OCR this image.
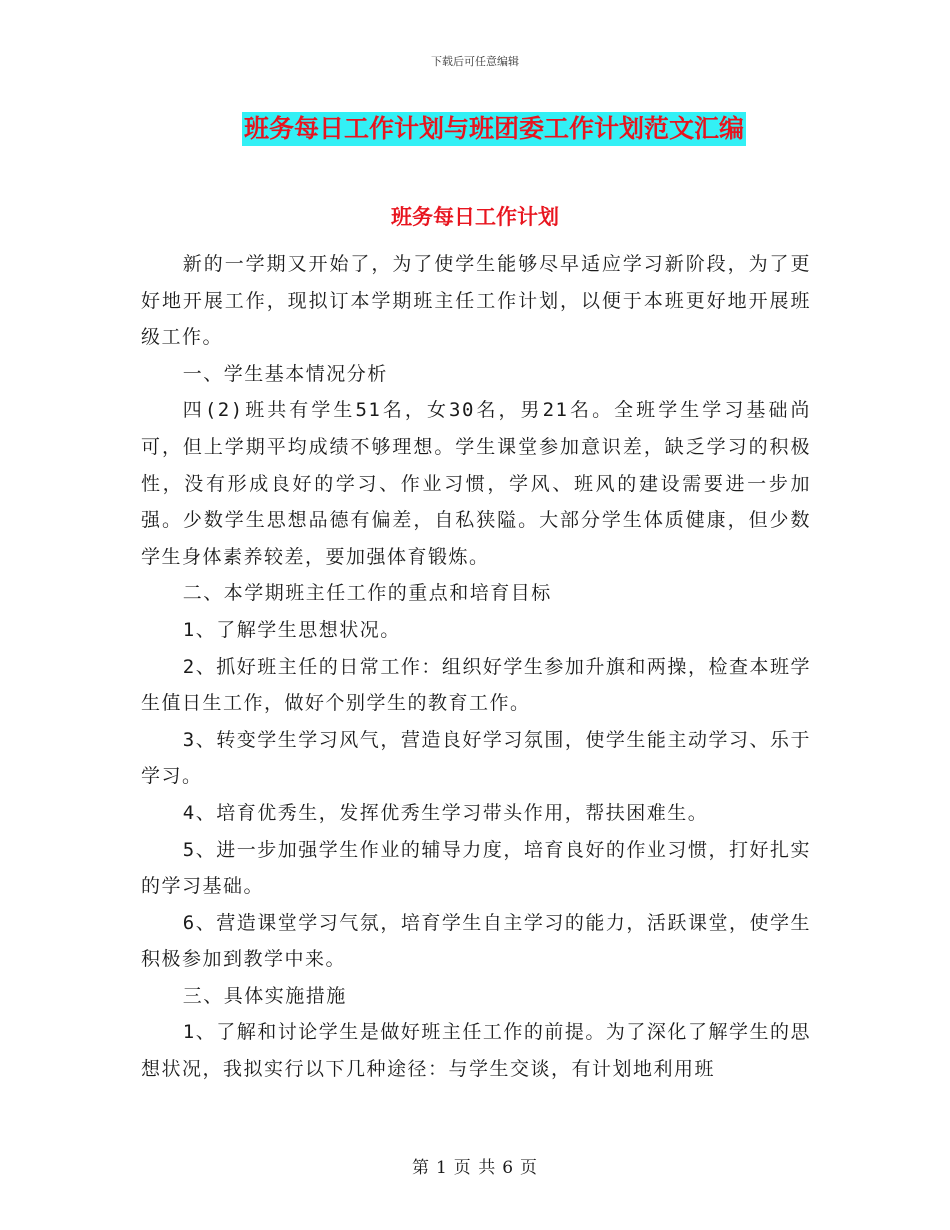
下载后可任意编辑
班务每日工作计划与班团委工作计划范文汇编
班务每日工作计划

新的一学期又开始了，为了使学生能够尽早适应学习新阶段，为了更好地开展工作，现拟订本学期班主任工作计划，以便于本班更好地开展班级工作。

一、学生基本情况分析

四(2)班共有学生51名，女30名，男21名。全班学生学习基础尚可，但上学期平均成绩不够理想。学生课堂参加意识差，缺乏学习的积极性，没有形成良好的学习、作业习惯，学风、班风的建设需要进一步加强。少数学生思想品德有偏差，自私狭隘。大部分学生体质健康，但少数学生身体素养较差，要加强体育锻炼。

二、本学期班主任工作的重点和培育目标

1、了解学生思想状况。

2、抓好班主任的日常工作：组织好学生参加升旗和两操，检查本班学生值日生工作，做好个别学生的教育工作。

3、转变学生学习风气，营造良好学习氛围，使学生能主动学习、乐于学习。

4、培育优秀生，发挥优秀生学习带头作用，帮扶困难生。

5、进一步加强学生作业的辅导力度，培育良好的作业习惯，打好扎实的学习基础。

6、营造课堂学习气氛，培育学生自主学习的能力，活跃课堂，使学生积极参加到教学中来。

三、具体实施措施

1、了解和讨论学生是做好班主任工作的前提。为了深化了解学生的思想状况，我拟实行以下几种途径：与学生交谈，有计划地利用班

第 1 页 共 6 页
